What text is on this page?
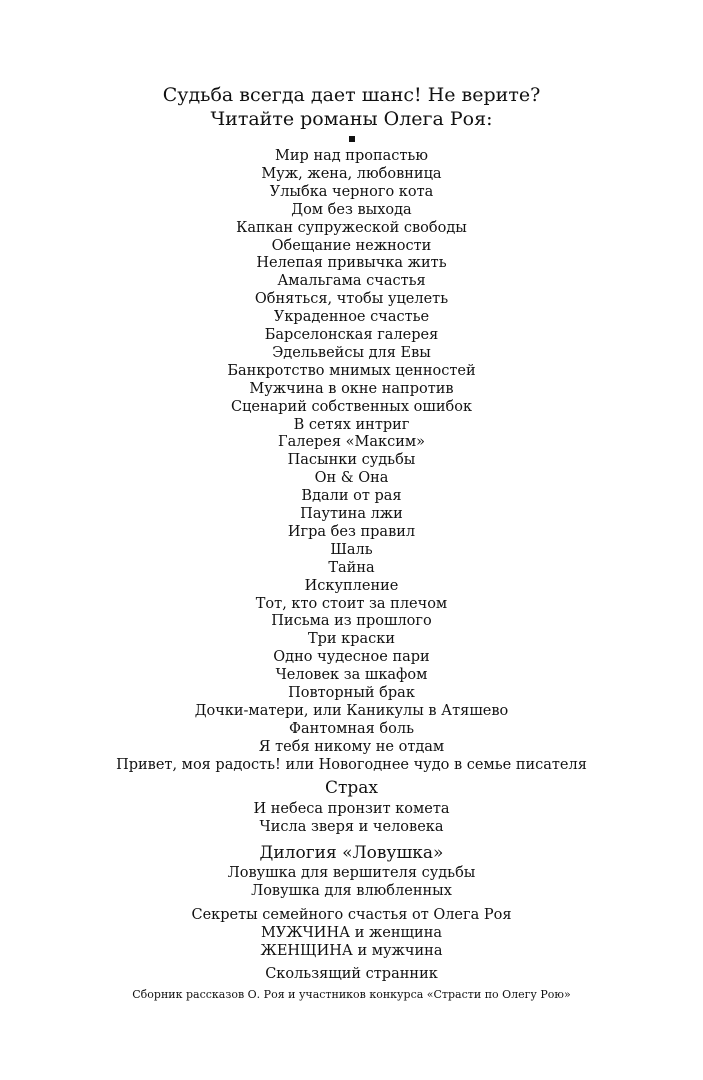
Судьба всегда дает шанс! Не верите?
Читайте романы Олега Роя:
Мир над пропастью
Муж, жена, любовница
Улыбка черного кота
Дом без выхода
Капкан супружеской свободы
Обещание нежности
Нелепая привычка жить
Амальгама счастья
Обняться, чтобы уцелеть
Украденное счастье
Барселонская галерея
Эдельвейсы для Евы
Банкротство мнимых ценностей
Мужчина в окне напротив
Сценарий собственных ошибок
В сетях интриг
Галерея «Максим»
Пасынки судьбы
Он & Она
Вдали от рая
Паутина лжи
Игра без правил
Шаль
Тайна
Искупление
Тот, кто стоит за плечом
Письма из прошлого
Три краски
Одно чудесное пари
Человек за шкафом
Повторный брак
Дочки-матери, или Каникулы в Атяшево
Фантомная боль
Я тебя никому не отдам
Привет, моя радость! или Новогоднее чудо в семье писателя
Страх
И небеса пронзит комета
Числа зверя и человека
Дилогия «Ловушка»
Ловушка для вершителя судьбы
Ловушка для влюбленных
Секреты семейного счастья от Олега Роя
МУЖЧИНА и женщина
ЖЕНЩИНА и мужчина
Скользящий странник
Сборник рассказов О. Роя и участников конкурса «Страсти по Олегу Рою»
